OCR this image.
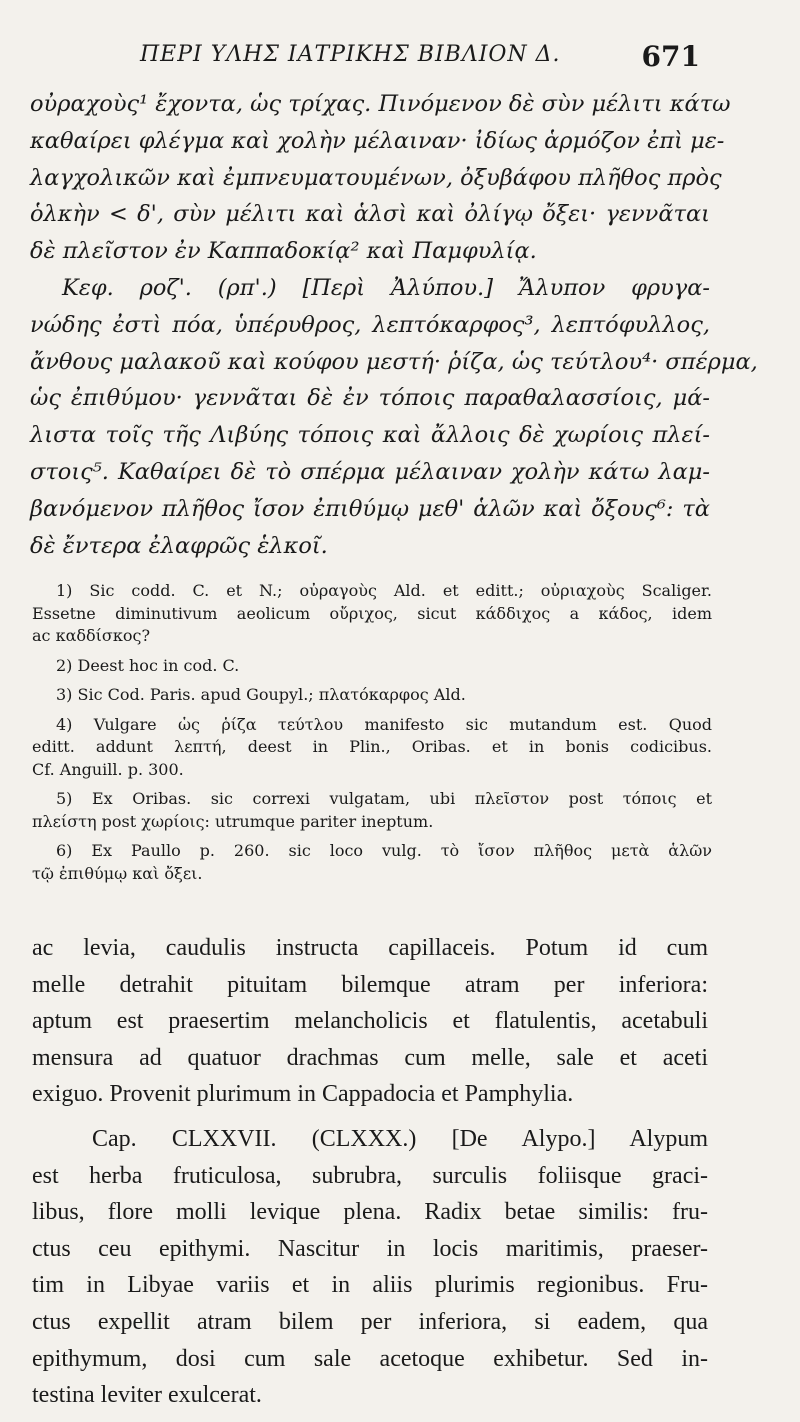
ΠΕΡΙ ΥΛΗΣ ΙΑΤΡΙΚΗΣ ΒΙΒΛΙΟΝ Δ.	671
οὐραχοὺς¹ ἔχοντα, ὡς τρίχας. Πινόμενον δὲ σὺν μέλιτι κάτω
καθαίρει φλέγμα καὶ χολὴν μέλαιναν· ἰδίως ἁρμόζον ἐπὶ με-
λαγχολικῶν καὶ ἐμπνευματουμένων, ὀξυβάφου πλῆθος πρὸς
ὁλκὴν < δ', σὺν μέλιτι καὶ ἁλσὶ καὶ ὀλίγῳ ὄξει· γεννᾶται
δὲ πλεῖστον ἐν Καππαδοκίᾳ² καὶ Παμφυλίᾳ.
Κεφ. ροζ'. (ρπ'.) [Περὶ Ἀλύπου.] Ἄλυπον φρυγα-
νώδης ἐστὶ πόα, ὑπέρυθρος, λεπτόκαρφος³, λεπτόφυλλος,
ἄνθους μαλακοῦ καὶ κούφου μεστή· ῥίζα, ὡς τεύτλου⁴· σπέρμα,
ὡς ἐπιθύμου· γεννᾶται δὲ ἐν τόποις παραθαλασσίοις, μά-
λιστα τοῖς τῆς Λιβύης τόποις καὶ ἄλλοις δὲ χωρίοις πλεί-
στοις⁵. Καθαίρει δὲ τὸ σπέρμα μέλαιναν χολὴν κάτω λαμ-
βανόμενον πλῆθος ἴσον ἐπιθύμῳ μεθ' ἁλῶν καὶ ὄξους⁶: τὰ
δὲ ἔντερα ἐλαφρῶς ἑλκοῖ.
1) Sic codd. C. et N.; οὐραγοὺς Ald. et editt.; οὐριαχοὺς Scaliger.
Essetne diminutivum aeolicum οὔριχος, sicut κάδδιχος a κάδος, idem
ac καδδίσκος?
2) Deest hoc in cod. C.
3) Sic Cod. Paris. apud Goupyl.; πλατόκαρφος Ald.
4) Vulgare ὡς ῥίζα τεύτλου manifesto sic mutandum est. Quod
editt. addunt λεπτή, deest in Plin., Oribas. et in bonis codicibus.
Cf. Anguill. p. 300.
5) Ex Oribas. sic correxi vulgatam, ubi πλεῖστον post τόποις et
πλείστη post χωρίοις: utrumque pariter ineptum.
6) Ex Paullo p. 260. sic loco vulg. τὸ ἴσον πλῆθος μετὰ ἁλῶν
τῷ ἐπιθύμῳ καὶ ὄξει.
ac levia, caudulis instructa capillaceis. Potum id cum
melle detrahit pituitam bilemque atram per inferiora:
aptum est praesertim melancholicis et flatulentis, acetabuli
mensura ad quatuor drachmas cum melle, sale et aceti
exiguo. Provenit plurimum in Cappadocia et Pamphylia.
Cap. CLXXVII. (CLXXX.) [De Alypo.] Alypum
est herba fruticulosa, subrubra, surculis foliisque graci-
libus, flore molli levique plena. Radix betae similis: fru-
ctus ceu epithymi. Nascitur in locis maritimis, praeser-
tim in Libyae variis et in aliis plurimis regionibus. Fru-
ctus expellit atram bilem per inferiora, si eadem, qua
epithymum, dosi cum sale acetoque exhibetur. Sed in-
testina leviter exulcerat.
